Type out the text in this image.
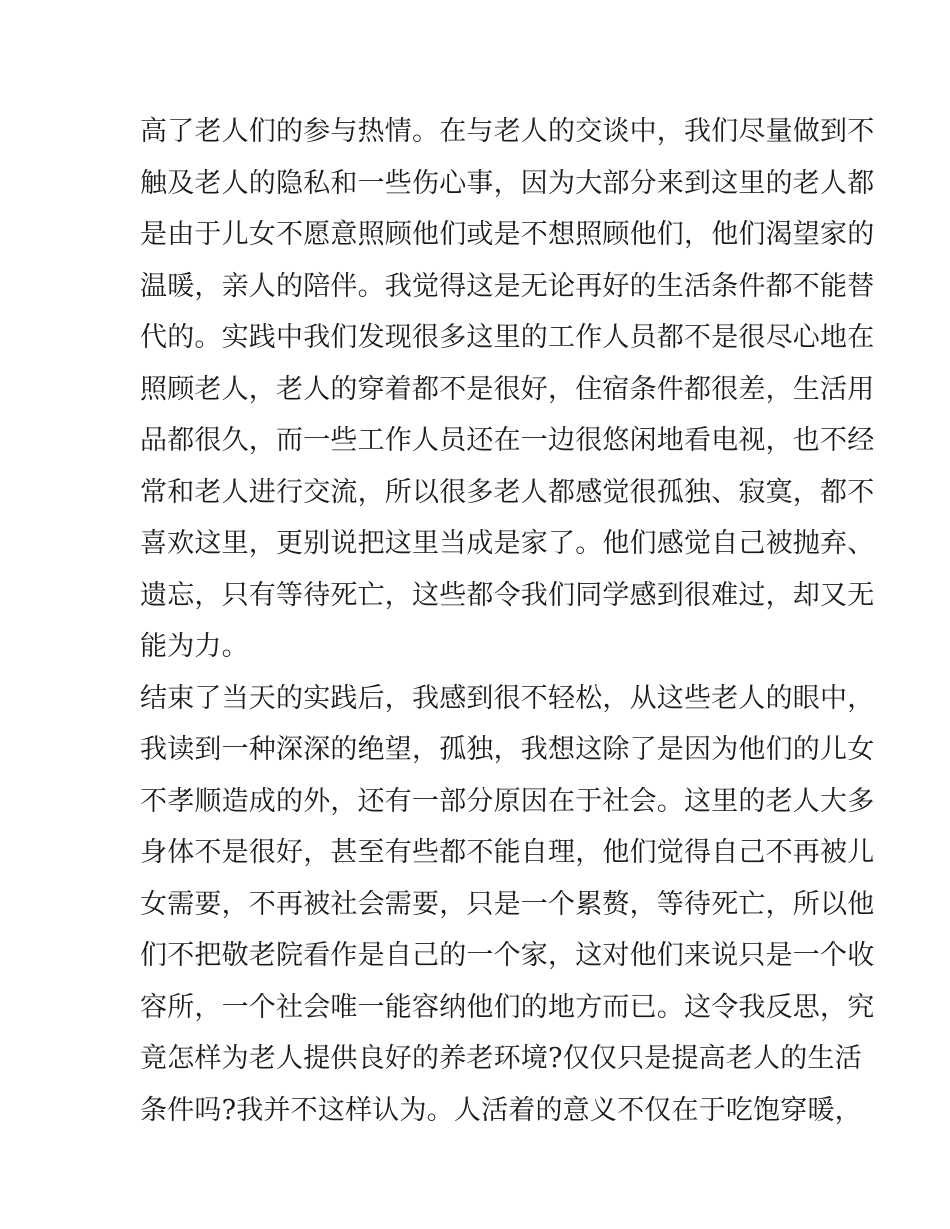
高了老人们的参与热情。在与老人的交谈中，我们尽量做到不
触及老人的隐私和一些伤心事，因为大部分来到这里的老人都
是由于儿女不愿意照顾他们或是不想照顾他们，他们渴望家的
温暖，亲人的陪伴。我觉得这是无论再好的生活条件都不能替
代的。实践中我们发现很多这里的工作人员都不是很尽心地在
照顾老人，老人的穿着都不是很好，住宿条件都很差，生活用
品都很久，而一些工作人员还在一边很悠闲地看电视，也不经
常和老人进行交流，所以很多老人都感觉很孤独、寂寞，都不
喜欢这里，更别说把这里当成是家了。他们感觉自己被抛弃、
遗忘，只有等待死亡，这些都令我们同学感到很难过，却又无
能为力。
结束了当天的实践后，我感到很不轻松，从这些老人的眼中，
我读到一种深深的绝望，孤独，我想这除了是因为他们的儿女
不孝顺造成的外，还有一部分原因在于社会。这里的老人大多
身体不是很好，甚至有些都不能自理，他们觉得自己不再被儿
女需要，不再被社会需要，只是一个累赘，等待死亡，所以他
们不把敬老院看作是自己的一个家，这对他们来说只是一个收
容所，一个社会唯一能容纳他们的地方而已。这令我反思，究
竟怎样为老人提供良好的养老环境?仅仅只是提高老人的生活
条件吗?我并不这样认为。人活着的意义不仅在于吃饱穿暖，
